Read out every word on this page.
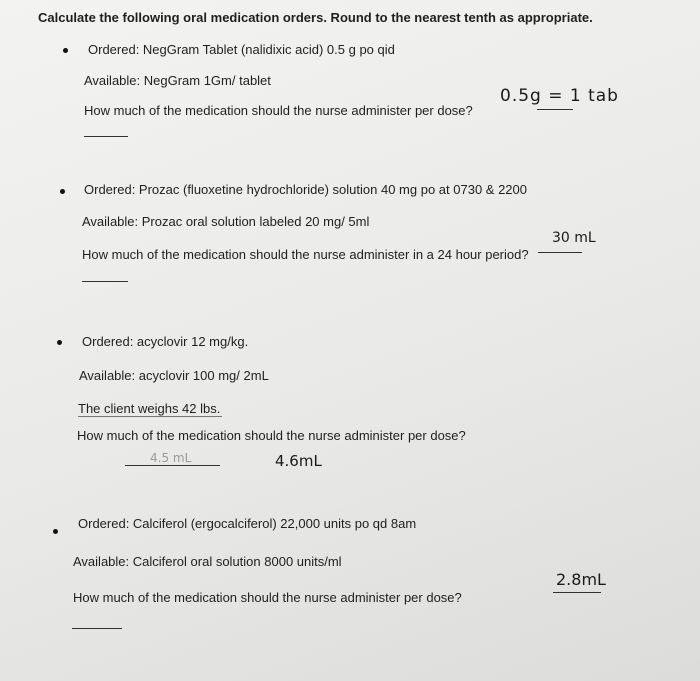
Calculate the following oral medication orders. Round to the nearest tenth as appropriate.
Ordered: NegGram Tablet (nalidixic acid) 0.5 g po qid
Available: NegGram 1Gm/ tablet
How much of the medication should the nurse administer per dose?
0.5g = 1 tab
Ordered: Prozac (fluoxetine hydrochloride) solution 40 mg po at 0730 & 2200
Available: Prozac oral solution labeled 20 mg/ 5ml
How much of the medication should the nurse administer in a 24 hour period?
30 mL
Ordered: acyclovir 12 mg/kg.
Available: acyclovir 100 mg/ 2mL
The client weighs 42 lbs.
How much of the medication should the nurse administer per dose?
4.5 mL	4.6mL
Ordered: Calciferol (ergocalciferol) 22,000 units po qd 8am
Available: Calciferol oral solution 8000 units/ml
How much of the medication should the nurse administer per dose?
2.8mL
